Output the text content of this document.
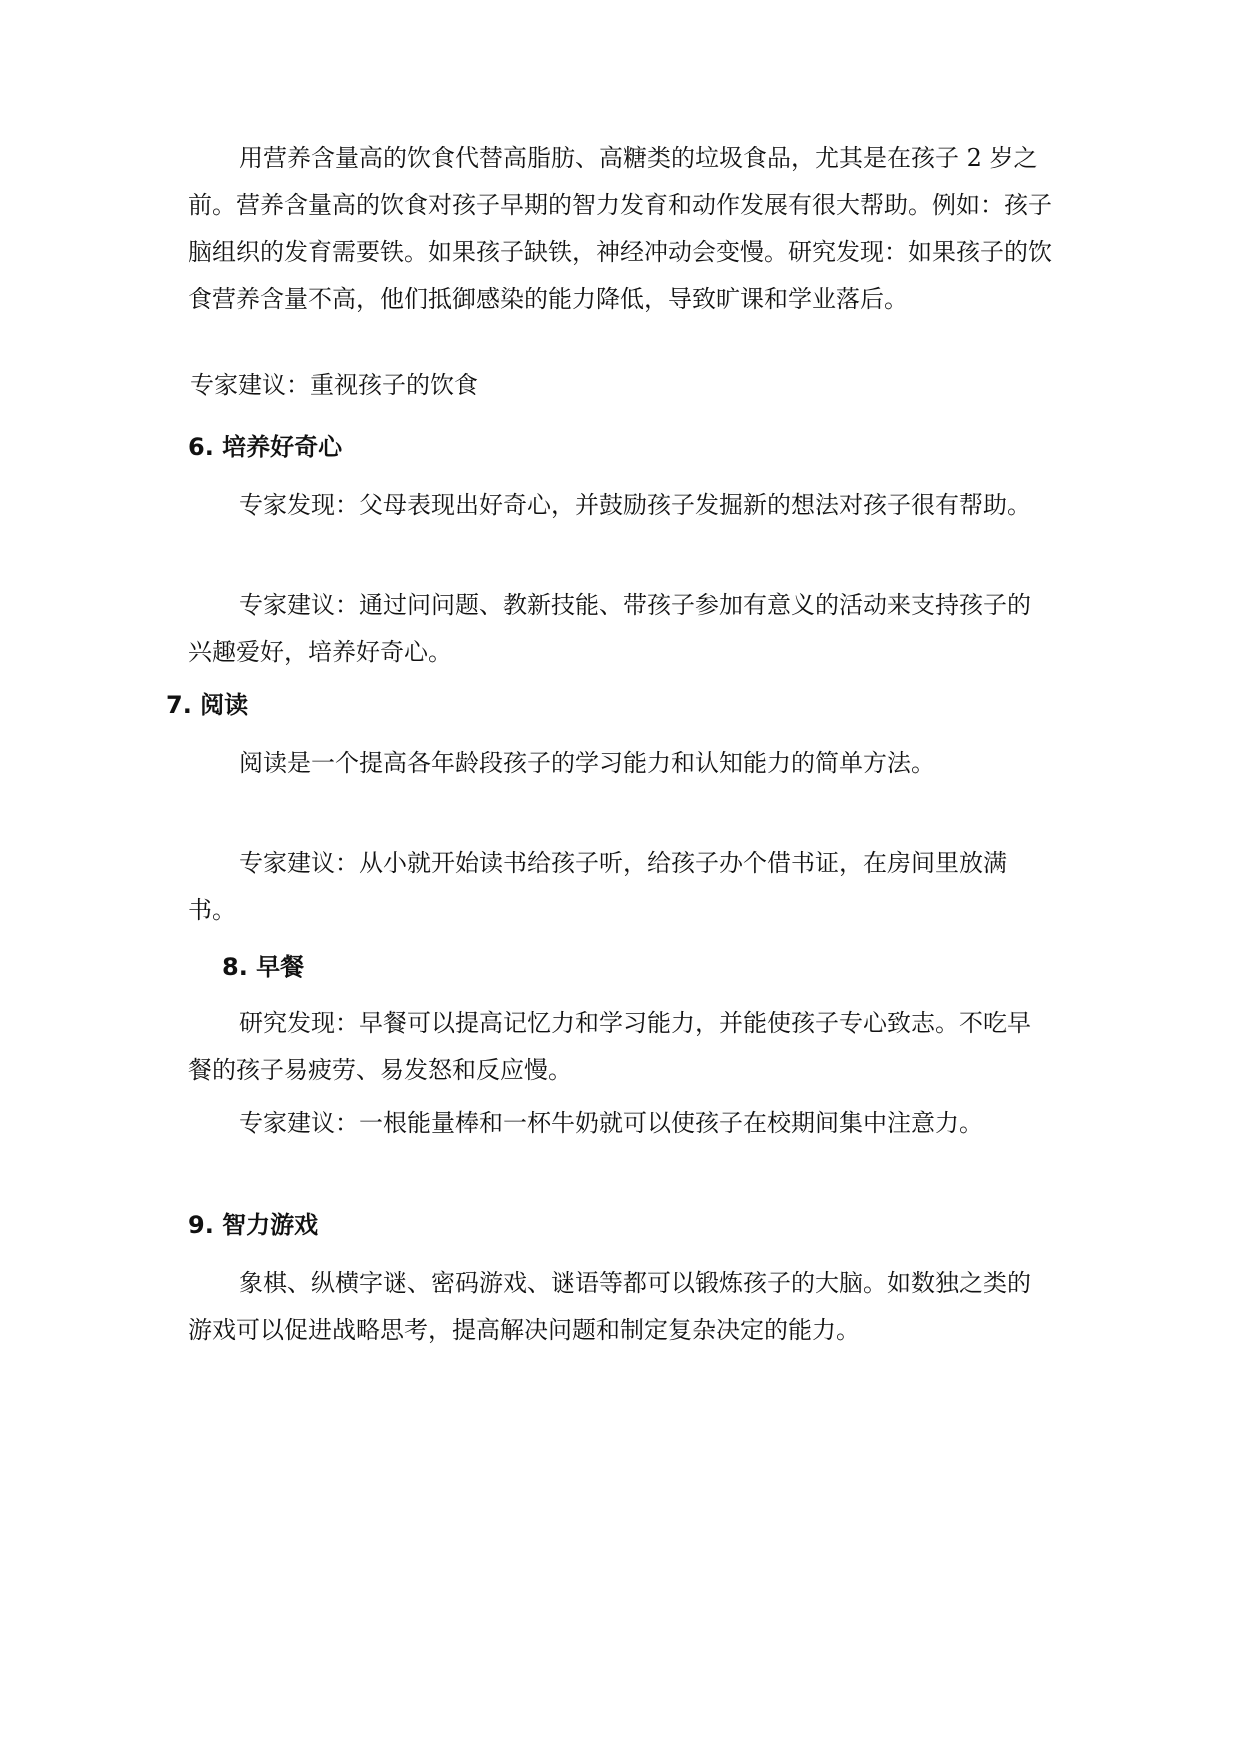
用营养含量高的饮食代替高脂肪、高糖类的垃圾食品，尤其是在孩子 2 岁之前。营养含量高的饮食对孩子早期的智力发育和动作发展有很大帮助。例如：孩子脑组织的发育需要铁。如果孩子缺铁，神经冲动会变慢。研究发现：如果孩子的饮食营养含量不高，他们抵御感染的能力降低，导致旷课和学业落后。

专家建议：重视孩子的饮食

6. 培养好奇心

专家发现：父母表现出好奇心，并鼓励孩子发掘新的想法对孩子很有帮助。

专家建议：通过问问题、教新技能、带孩子参加有意义的活动来支持孩子的兴趣爱好，培养好奇心。

7. 阅读

阅读是一个提高各年龄段孩子的学习能力和认知能力的简单方法。

专家建议：从小就开始读书给孩子听，给孩子办个借书证，在房间里放满书。

8. 早餐

研究发现：早餐可以提高记忆力和学习能力，并能使孩子专心致志。不吃早餐的孩子易疲劳、易发怒和反应慢。

专家建议：一根能量棒和一杯牛奶就可以使孩子在校期间集中注意力。

9. 智力游戏

象棋、纵横字谜、密码游戏、谜语等都可以锻炼孩子的大脑。如数独之类的游戏可以促进战略思考，提高解决问题和制定复杂决定的能力。
